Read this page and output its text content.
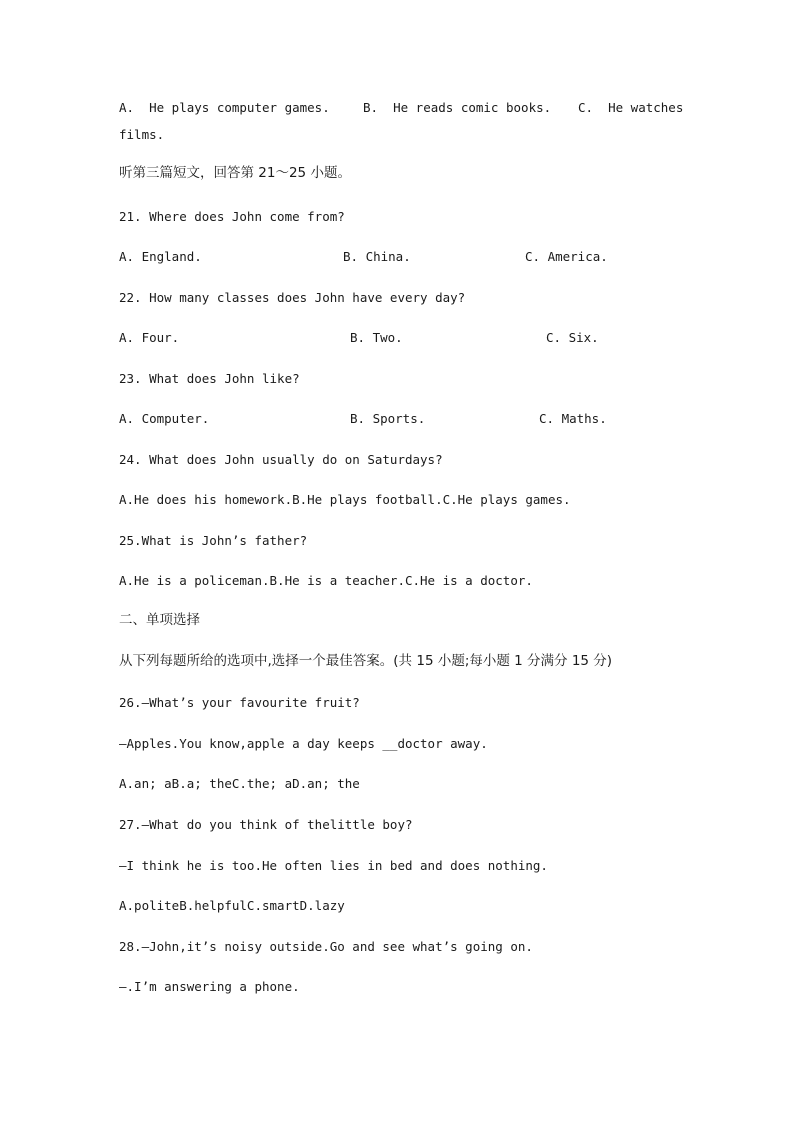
A.  He plays computer games.	B.  He reads comic books. C.  He watches
films.
听第三篇短文，回答第 21～25 小题。
21. Where does John come from?
A. England.	B. China.	C. America.
22. How many classes does John have every day?
A. Four.	B. Two.	C. Six.
23. What does John like?
A. Computer.	B. Sports.	C. Maths.
24. What does John usually do on Saturdays?
A.He does his homework.B.He plays football.C.He plays games.
25.What is John’s father?
A.He is a policeman.B.He is a teacher.C.He is a doctor.
二、单项选择
从下列每题所给的选项中,选择一个最佳答案。(共 15 小题;每小题 1 分满分 15 分)
26.—What’s your favourite fruit?
—Apples.You know,apple a day keeps __doctor away.
A.an; aB.a; theC.the; aD.an; the
27.—What do you think of thelittle boy?
—I think he is too.He often lies in bed and does nothing.
A.politeB.helpfulC.smartD.lazy
28.—John,it’s noisy outside.Go and see what’s going on.
—.I’m answering a phone.
